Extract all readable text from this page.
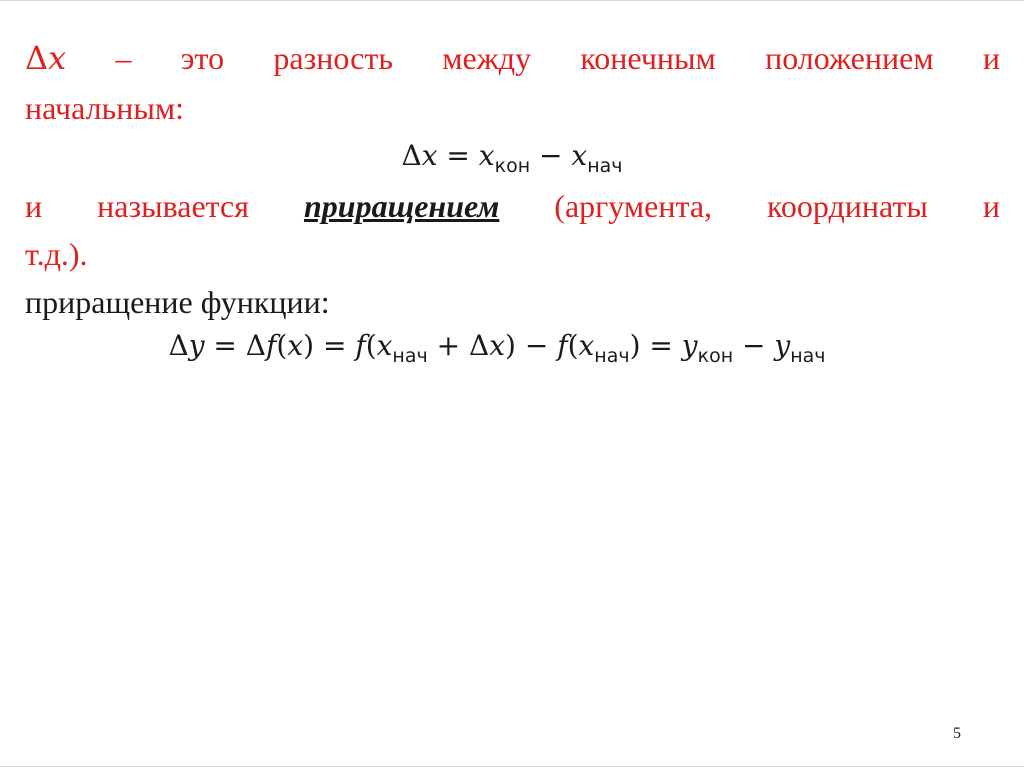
Δx – это разность между конечным положением и
начальным:
$\Delta x = x_{кон} - x_{нач}$
и называется приращением (аргумента, координаты и
т.д.).
приращение функции:
$\Delta y = \Delta f(x) = f(x_{нач} + \Delta x) - f(x_{нач}) = y_{кон} - y_{нач}$
5
